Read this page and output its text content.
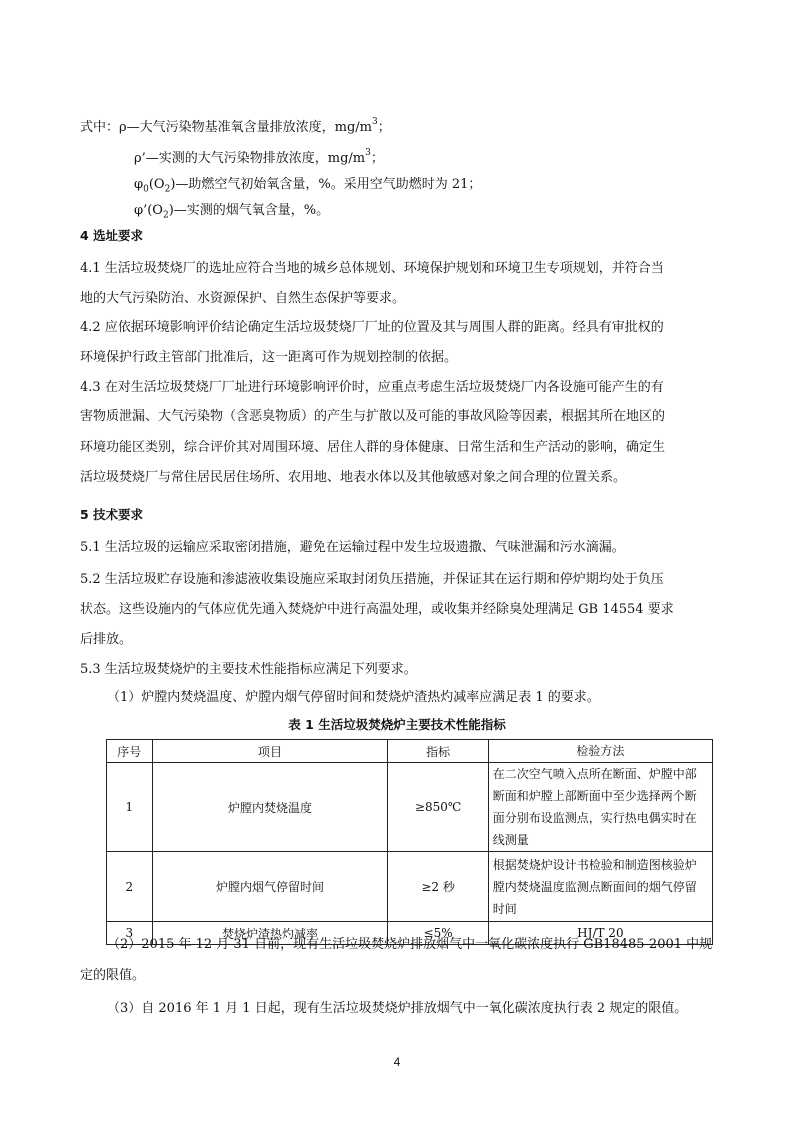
式中：ρ—大气污染物基准氧含量排放浓度，$mg/m^3$；
ρ’—实测的大气污染物排放浓度，$mg/m^3$；
$\varphi_0(O_2)—$助燃空气初始氧含量，%。采用空气助燃时为 21；
$\varphi’(O_2)—$实测的烟气氧含量，%。
4 选址要求
4.1 生活垃圾焚烧厂的选址应符合当地的城乡总体规划、环境保护规划和环境卫生专项规划，并符合当
地的大气污染防治、水资源保护、自然生态保护等要求。
4.2 应依据环境影响评价结论确定生活垃圾焚烧厂厂址的位置及其与周围人群的距离。经具有审批权的
环境保护行政主管部门批准后，这一距离可作为规划控制的依据。
4.3 在对生活垃圾焚烧厂厂址进行环境影响评价时，应重点考虑生活垃圾焚烧厂内各设施可能产生的有
害物质泄漏、大气污染物（含恶臭物质）的产生与扩散以及可能的事故风险等因素，根据其所在地区的
环境功能区类别，综合评价其对周围环境、居住人群的身体健康、日常生活和生产活动的影响，确定生
活垃圾焚烧厂与常住居民居住场所、农用地、地表水体以及其他敏感对象之间合理的位置关系。
5 技术要求
5.1 生活垃圾的运输应采取密闭措施，避免在运输过程中发生垃圾遗撒、气味泄漏和污水滴漏。
5.2 生活垃圾贮存设施和渗滤液收集设施应采取封闭负压措施，并保证其在运行期和停炉期均处于负压
状态。这些设施内的气体应优先通入焚烧炉中进行高温处理，或收集并经除臭处理满足 GB 14554 要求
后排放。
5.3 生活垃圾焚烧炉的主要技术性能指标应满足下列要求。
（1）炉膛内焚烧温度、炉膛内烟气停留时间和焚烧炉渣热灼减率应满足表 1 的要求。
表 1 生活垃圾焚烧炉主要技术性能指标
序号	项目	指标	检验方法
1	炉膛内焚烧温度	≥850℃	在二次空气喷入点所在断面、炉膛中部断面和炉膛上部断面中至少选择两个断面分别布设监测点，实行热电偶实时在线测量
2	炉膛内烟气停留时间	≥2 秒	根据焚烧炉设计书检验和制造图核验炉膛内焚烧温度监测点断面间的烟气停留时间
3	焚烧炉渣热灼减率	≤5%	HJ/T 20
（2）2015 年 12 月 31 日前，现有生活垃圾焚烧炉排放烟气中一氧化碳浓度执行 GB18485-2001 中规
定的限值。
（3）自 2016 年 1 月 1 日起，现有生活垃圾焚烧炉排放烟气中一氧化碳浓度执行表 2 规定的限值。
4
